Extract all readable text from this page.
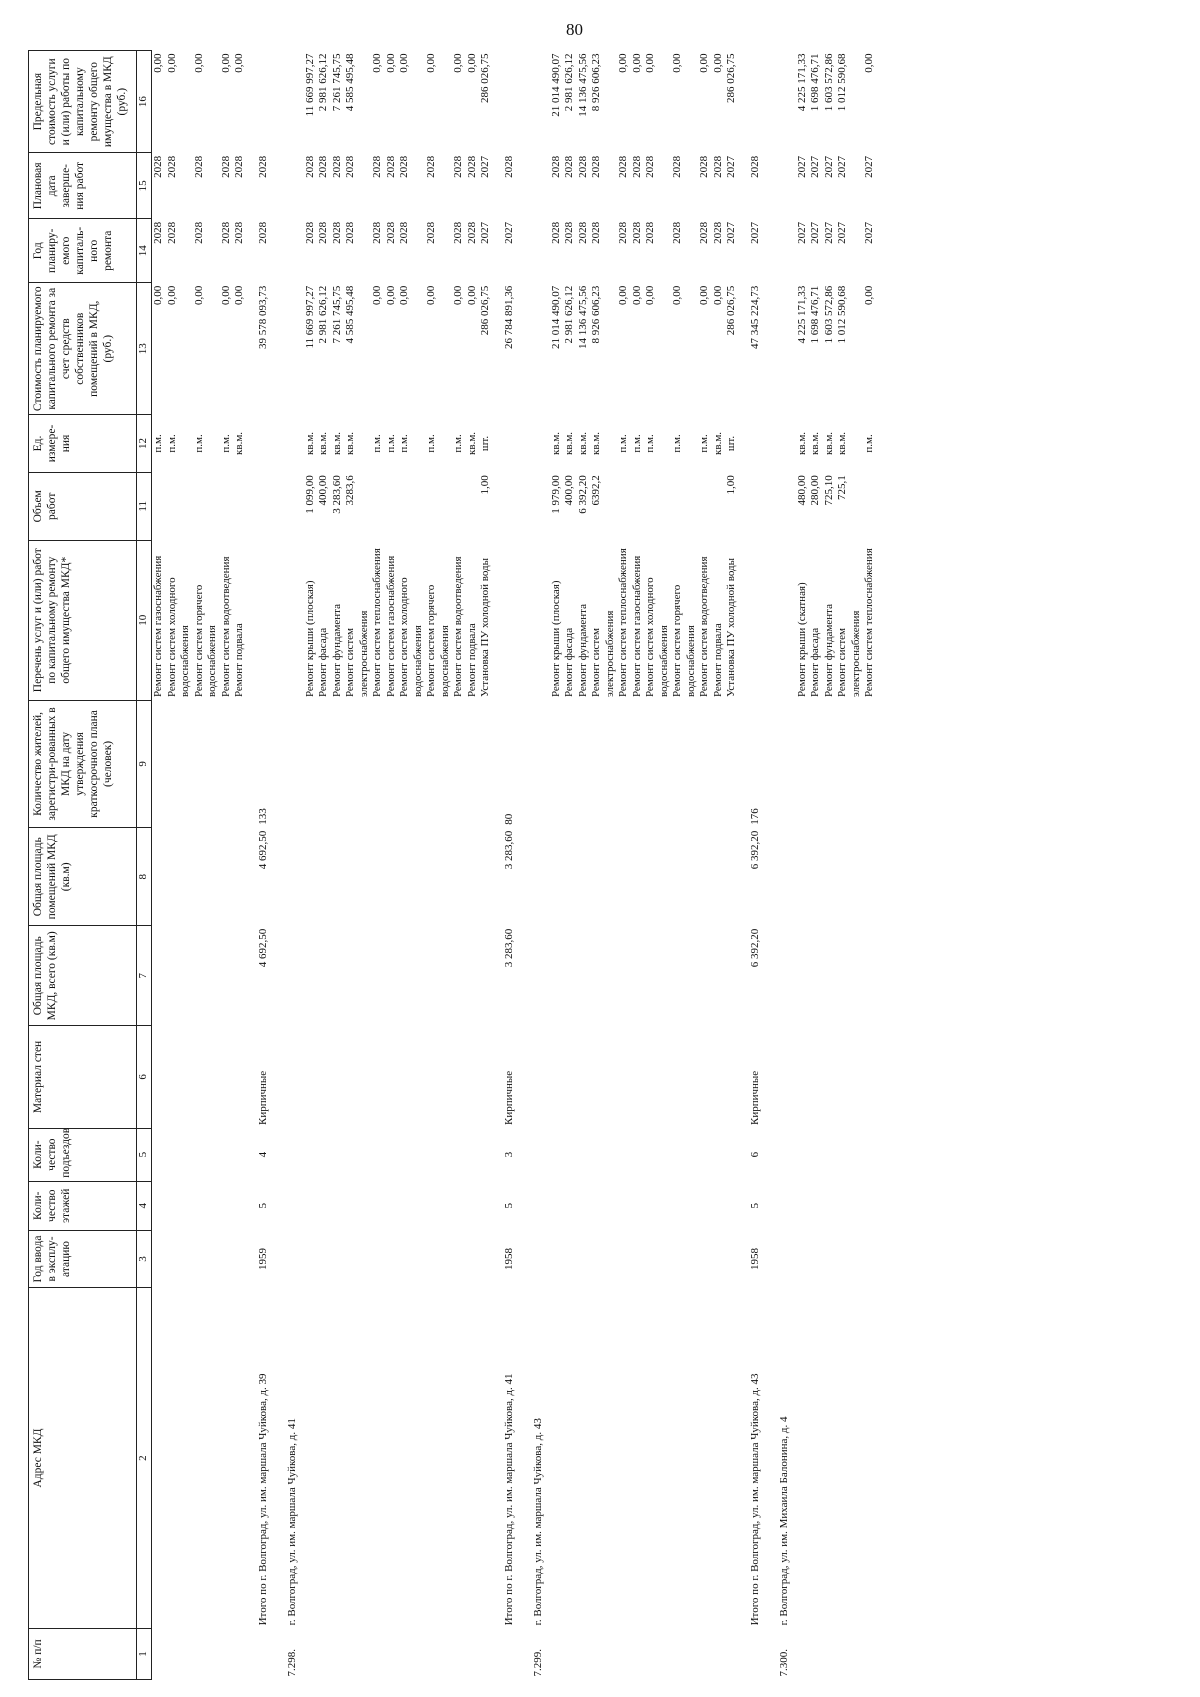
80
№ п/п	Адрес МКД	Год ввода в эксплу-атацию	Коли-чество этажей	Коли-чество подъездов	Материал стен	Общая площадь МКД, всего (кв.м)	Общая площадь помещений МКД (кв.м)	Количество жителей, зарегистри-рованных в МКД на дату утверждения краткосрочного плана (человек)	Перечень услуг и (или) работ по капитальному ремонту общего имущества МКД*	Объем работ	Ед. измере-ния	Стоимость планируемого капитального ремонта за счет средств собственников помещений в МКД, (руб.)	Год планиру-емого капиталь-ного ремонта	Плановая дата заверше-ния работ	Предельная стоимость услуги и (или) работы по капитальному ремонту общего имущества в МКД (руб.)
1	2	3	4	5	6	7	8	9	10	11	12	13	14	15	16
									Ремонт систем газоснабжения		п.м.	0,00	2028	2028	0,00
									Ремонт систем холодного водоснабжения		п.м.	0,00	2028	2028	0,00
									Ремонт систем горячего водоснабжения		п.м.	0,00	2028	2028	0,00
									Ремонт систем водоотведения		п.м.	0,00	2028	2028	0,00
									Ремонт подвала		кв.м.	0,00	2028	2028	0,00
	Итого по г. Волгоград, ул. им. маршала Чуйкова, д. 39	1959	5	4	Кирпичные	4 692,50	4 692,50	133				39 578 093,73	2028	2028	
7.298.	г. Волгоград, ул. им. маршала Чуйкова, д. 41														
									Ремонт крыши (плоская)	1 099,00	кв.м.	11 669 997,27	2028	2028	11 669 997,27
									Ремонт фасада	400,00	кв.м.	2 981 626,12	2028	2028	2 981 626,12
									Ремонт фундамента	3 283,60	кв.м.	7 261 745,75	2028	2028	7 261 745,75
									Ремонт систем электроснабжения	3283,6	кв.м.	4 585 495,48	2028	2028	4 585 495,48
									Ремонт систем теплоснабжения		п.м.	0,00	2028	2028	0,00
									Ремонт систем газоснабжения		п.м.	0,00	2028	2028	0,00
									Ремонт систем холодного водоснабжения		п.м.	0,00	2028	2028	0,00
									Ремонт систем горячего водоснабжения		п.м.	0,00	2028	2028	0,00
									Ремонт систем водоотведения		п.м.	0,00	2028	2028	0,00
									Ремонт подвала		кв.м.	0,00	2028	2028	0,00
									Установка ПУ холодной воды	1,00	шт.	286 026,75	2027	2027	286 026,75
	Итого по г. Волгоград, ул. им. маршала Чуйкова, д. 41	1958	5	3	Кирпичные	3 283,60	3 283,60	80				26 784 891,36	2027	2028	
7.299.	г. Волгоград, ул. им. маршала Чуйкова, д. 43														
									Ремонт крыши (плоская)	1 979,00	кв.м.	21 014 490,07	2028	2028	21 014 490,07
									Ремонт фасада	400,00	кв.м.	2 981 626,12	2028	2028	2 981 626,12
									Ремонт фундамента	6 392,20	кв.м.	14 136 475,56	2028	2028	14 136 475,56
									Ремонт систем электроснабжения	6392,2	кв.м.	8 926 606,23	2028	2028	8 926 606,23
									Ремонт систем теплоснабжения		п.м.	0,00	2028	2028	0,00
									Ремонт систем газоснабжения		п.м.	0,00	2028	2028	0,00
									Ремонт систем холодного водоснабжения		п.м.	0,00	2028	2028	0,00
									Ремонт систем горячего водоснабжения		п.м.	0,00	2028	2028	0,00
									Ремонт систем водоотведения		п.м.	0,00	2028	2028	0,00
									Ремонт подвала		кв.м.	0,00	2028	2028	0,00
									Установка ПУ холодной воды	1,00	шт.	286 026,75	2027	2027	286 026,75
	Итого по г. Волгоград, ул. им. маршала Чуйкова, д. 43	1958	5	6	Кирпичные	6 392,20	6 392,20	176				47 345 224,73	2027	2028	
7.300.	г. Волгоград, ул. им. Михаила Балонина, д. 4														
									Ремонт крыши (скатная)	480,00	кв.м.	4 225 171,33	2027	2027	4 225 171,33
									Ремонт фасада	280,00	кв.м.	1 698 476,71	2027	2027	1 698 476,71
									Ремонт фундамента	725,10	кв.м.	1 603 572,86	2027	2027	1 603 572,86
									Ремонт систем электроснабжения	725,1	кв.м.	1 012 590,68	2027	2027	1 012 590,68
									Ремонт систем теплоснабжения		п.м.	0,00	2027	2027	0,00
